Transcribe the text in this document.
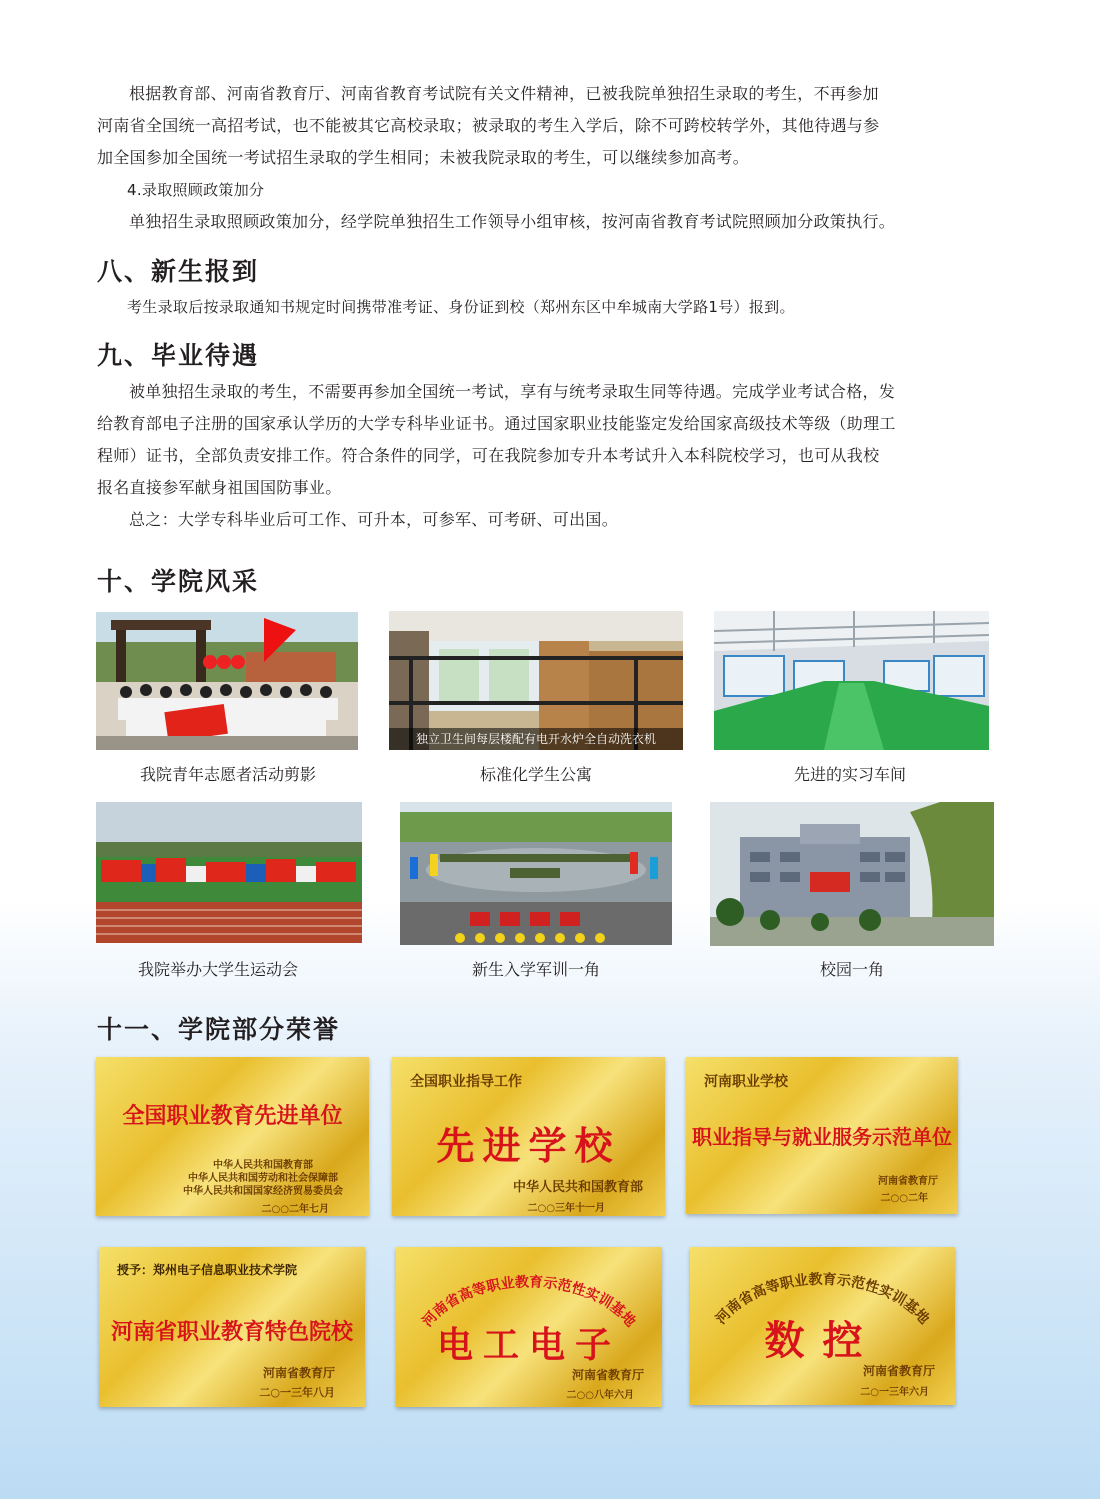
根据教育部、河南省教育厅、河南省教育考试院有关文件精神，已被我院单独招生录取的考生，不再参加
河南省全国统一高招考试，也不能被其它高校录取；被录取的考生入学后，除不可跨校转学外，其他待遇与参
加全国参加全国统一考试招生录取的学生相同；未被我院录取的考生，可以继续参加高考。
4.录取照顾政策加分
单独招生录取照顾政策加分，经学院单独招生工作领导小组审核，按河南省教育考试院照顾加分政策执行。
八、新生报到
考生录取后按录取通知书规定时间携带准考证、身份证到校（郑州东区中牟城南大学路1号）报到。
九、毕业待遇
被单独招生录取的考生，不需要再参加全国统一考试，享有与统考录取生同等待遇。完成学业考试合格，发
给教育部电子注册的国家承认学历的大学专科毕业证书。通过国家职业技能鉴定发给国家高级技术等级（助理工
程师）证书，全部负责安排工作。符合条件的同学，可在我院参加专升本考试升入本科院校学习，也可从我校
报名直接参军献身祖国国防事业。
总之：大学专科毕业后可工作、可升本，可参军、可考研、可出国。
十、学院风采
我院青年志愿者活动剪影
独立卫生间每层楼配有电开水炉全自动洗衣机
标准化学生公寓	先进的实习车间
我院举办大学生运动会	新生入学军训一角	校园一角
十一、学院部分荣誉
全国职业教育先进单位
中华人民共和国教育部
中华人民共和国劳动和社会保障部
中华人民共和国国家经济贸易委员会
二○○二年七月
全国职业指导工作
先进学校
中华人民共和国教育部
二○○三年十一月
河南职业学校
职业指导与就业服务示范单位
河南省教育厅
二○○二年
授予：郑州电子信息职业技术学院
河南省职业教育特色院校
河南省教育厅
二○一三年八月
河南省高等职业教育示范性实训基地
电工电子
河南省教育厅
二○○八年六月
河南省高等职业教育示范性实训基地
数控
河南省教育厅
二○一三年六月
